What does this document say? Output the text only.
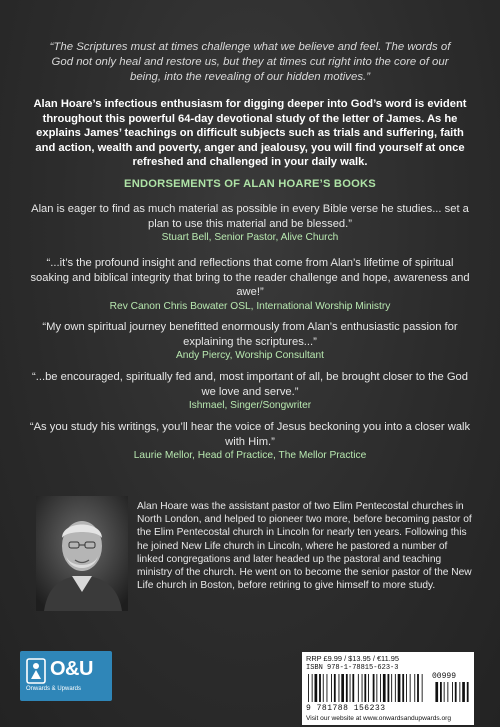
“The Scriptures must at times challenge what we believe and feel. The words of God not only heal and restore us, but they at times cut right into the core of our being, into the revealing of our hidden motives.”
Alan Hoare’s infectious enthusiasm for digging deeper into God’s word is evident throughout this powerful 64-day devotional study of the letter of James. As he explains James’ teachings on difficult subjects such as trials and suffering, faith and action, wealth and poverty, anger and jealousy, you will find yourself at once refreshed and challenged in your daily walk.
ENDORSEMENTS OF ALAN HOARE’S BOOKS
Alan is eager to find as much material as possible in every Bible verse he studies... set a plan to use this material and be blessed.”
Stuart Bell, Senior Pastor, Alive Church
“...it’s the profound insight and reflections that come from Alan’s lifetime of spiritual soaking and biblical integrity that bring to the reader challenge and hope, awareness and awe!”
Rev Canon Chris Bowater OSL, International Worship Ministry
“My own spiritual journey benefitted enormously from Alan’s enthusiastic passion for explaining the scriptures...”
Andy Piercy, Worship Consultant
“...be encouraged, spiritually fed and, most important of all, be brought closer to the God we love and serve.”
Ishmael, Singer/Songwriter
“As you study his writings, you’ll hear the voice of Jesus beckoning you into a closer walk with Him.”
Laurie Mellor, Head of Practice, The Mellor Practice
Alan Hoare was the assistant pastor of two Elim Pentecostal churches in North London, and helped to pioneer two more, before becoming pastor of the Elim Pentecostal church in Lincoln for nearly ten years. Following this he joined New Life church in Lincoln, where he pastored a number of linked congregations and later headed up the pastoral and teaching ministry of the church. He went on to become the senior pastor of the New Life church in Boston, before retiring to give himself to more study.
O&U
Onwards & Upwards
RRP £9.99 / $13.95 / €11.95
ISBN 978-1-78815-623-3
00999
9 781788 156233
Visit our website at www.onwardsandupwards.org
